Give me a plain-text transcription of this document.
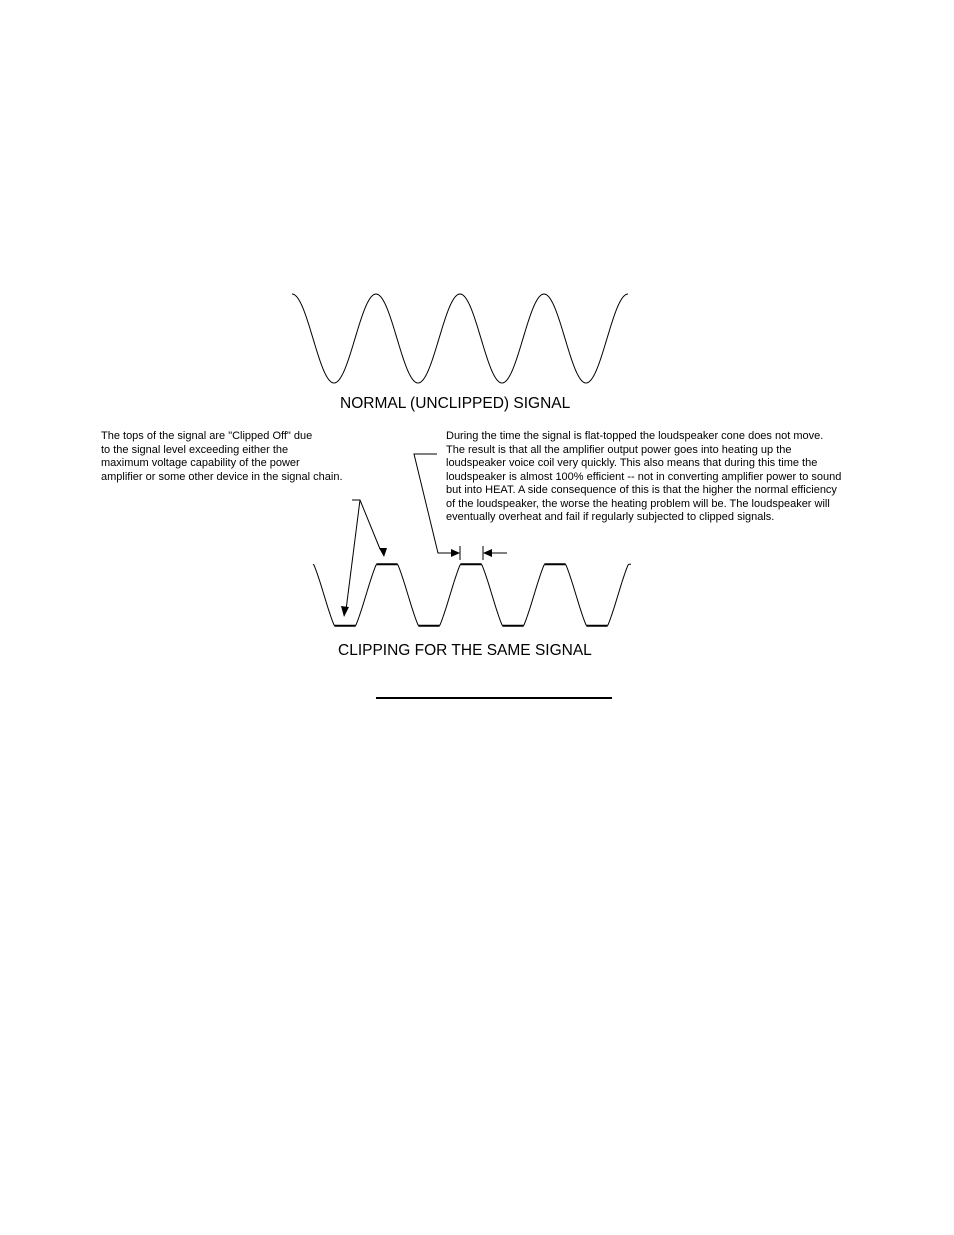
NORMAL (UNCLIPPED) SIGNAL
The tops of the signal are "Clipped Off" due
to the signal level exceeding either the
maximum voltage capability of the power
amplifier or some other device in the signal chain.
During the time the signal is flat-topped the loudspeaker cone does not move.
The result is that all the amplifier output power goes into heating up the
loudspeaker voice coil very quickly. This also means that during this time the
loudspeaker is almost 100% efficient -- not in converting amplifier power to sound
but into HEAT. A side consequence of this is that the higher the normal efficiency
of the loudspeaker, the worse the heating problem will be. The loudspeaker will
eventually overheat and fail if regularly subjected to clipped signals.
CLIPPING FOR THE SAME SIGNAL
